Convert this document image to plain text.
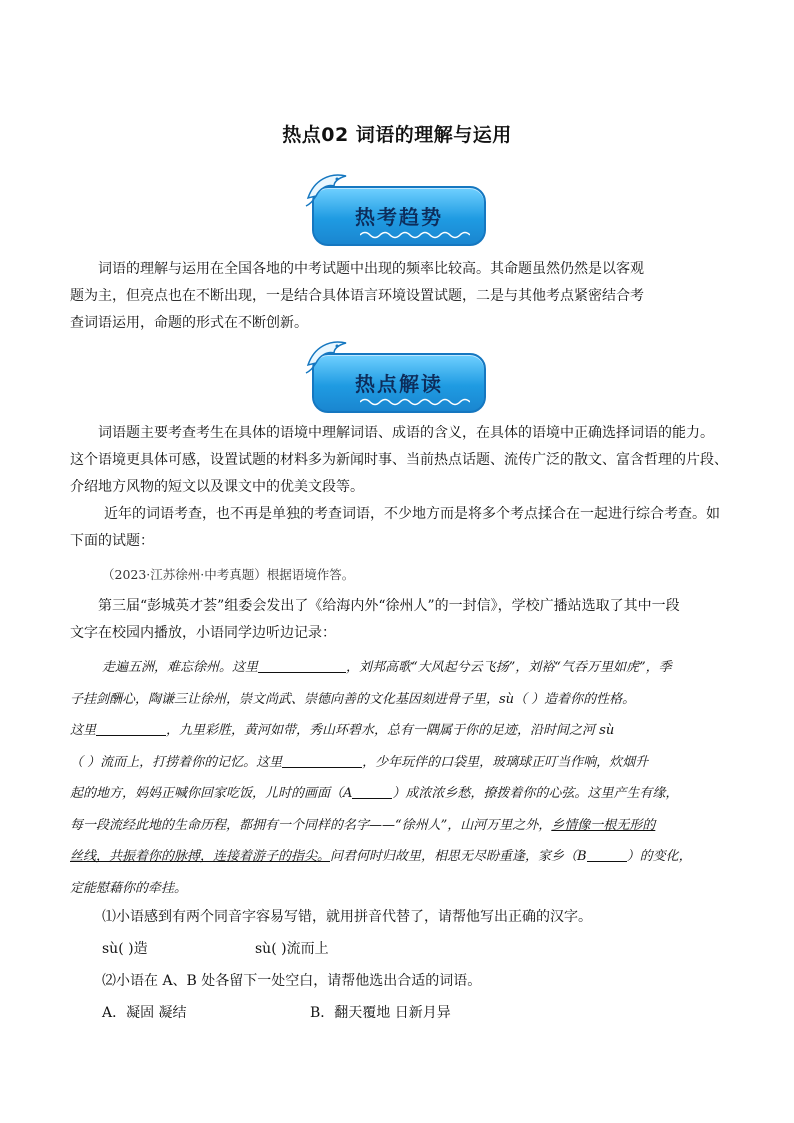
热点02 词语的理解与运用
热考趋势

词语的理解与运用在全国各地的中考试题中出现的频率比较高。其命题虽然仍然是以客观

题为主，但亮点也在不断出现，一是结合具体语言环境设置试题，二是与其他考点紧密结合考

查词语运用，命题的形式在不断创新。

热点解读

词语题主要考查考生在具体的语境中理解词语、成语的含义，在具体的语境中正确选择词语的能力。

这个语境更具体可感，设置试题的材料多为新闻时事、当前热点话题、流传广泛的散文、富含哲理的片段、

介绍地方风物的短文以及课文中的优美文段等。

近年的词语考查，也不再是单独的考查词语，不少地方而是将多个考点揉合在一起进行综合考查。如

下面的试题：

（2023·江苏徐州·中考真题）根据语境作答。

第三届“彭城英才荟”组委会发出了《给海内外“徐州人”的一封信》，学校广播站选取了其中一段

文字在校园内播放，小语同学边听边记录：

走遍五洲，难忘徐州。这里	，刘邦高歌“大风起兮云飞扬”，刘裕“气吞万里如虎”，季
子挂剑酬心，陶谦三让徐州，崇文尚武、崇德向善的文化基因刻进骨子里，sù（ ）造着你的性格。
这里	，九里彩胜，黄河如带，秀山环碧水，总有一隅属于你的足迹，沿时间之河 sù
（ ）流而上，打捞着你的记忆。这里	，少年玩伴的口袋里，玻璃球正叮当作响，炊烟升
起的地方，妈妈正喊你回家吃饭，儿时的画面（A	）成浓浓乡愁，撩拨着你的心弦。这里产生有缘，
每一段流经此地的生命历程，都拥有一个同样的名字——“徐州人”，山河万里之外，乡情像一根无形的
丝线，共振着你的脉搏，连接着游子的指尖。问君何时归故里，相思无尽盼重逢，家乡（B	）的变化，
定能慰藉你的牵挂。

⑴小语感到有两个同音字容易写错，就用拼音代替了，请帮他写出正确的汉字。

sù( )造	sù( )流而上

⑵小语在 A、B 处各留下一处空白，请帮他选出合适的词语。

A．凝固 凝结	B．翻天覆地 日新月异
